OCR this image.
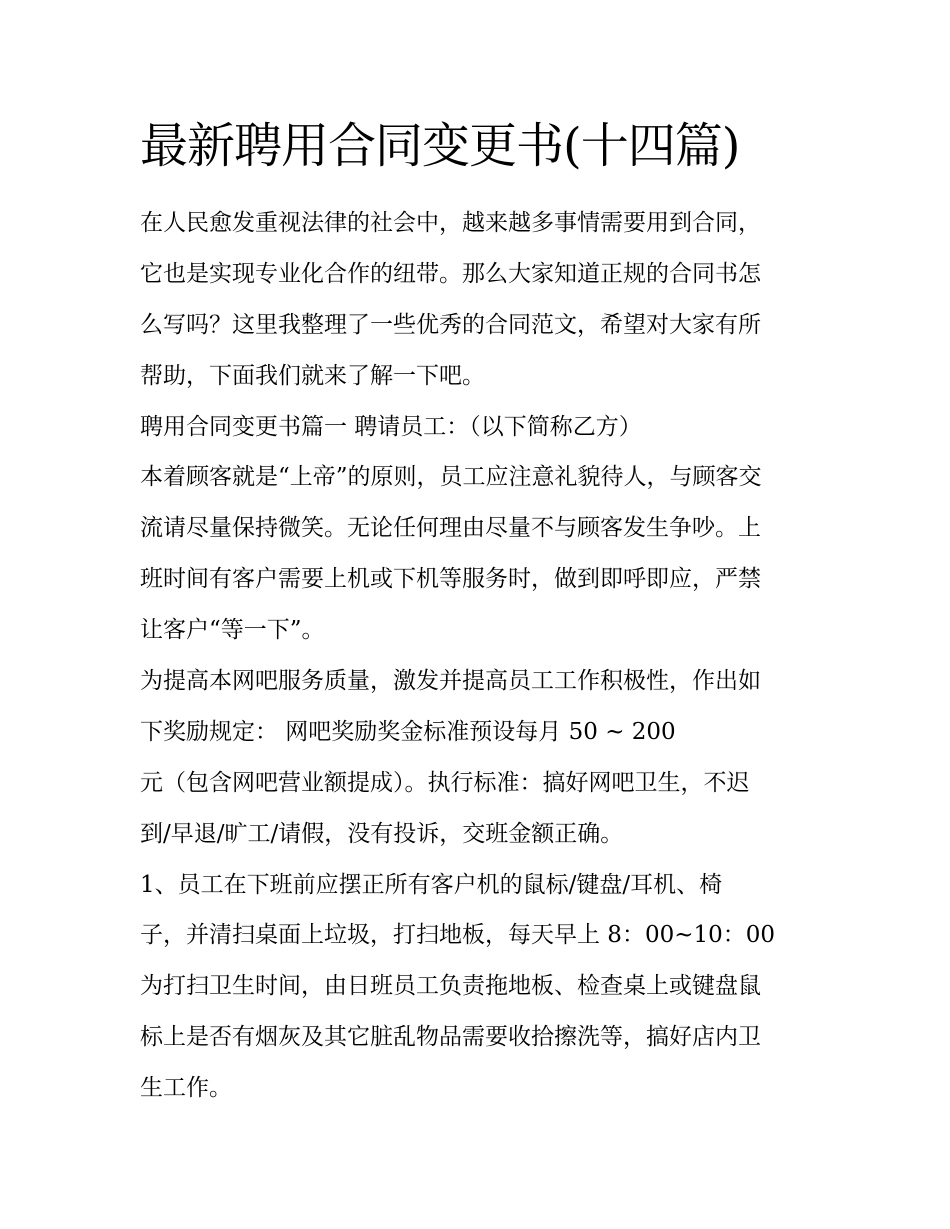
最新聘用合同变更书(十四篇)

在人民愈发重视法律的社会中，越来越多事情需要用到合同，

它也是实现专业化合作的纽带。那么大家知道正规的合同书怎

么写吗？这里我整理了一些优秀的合同范文，希望对大家有所

帮助，下面我们就来了解一下吧。

聘用合同变更书篇一 聘请员工：（以下简称乙方）

本着顾客就是“上帝”的原则，员工应注意礼貌待人，与顾客交

流请尽量保持微笑。无论任何理由尽量不与顾客发生争吵。上

班时间有客户需要上机或下机等服务时，做到即呼即应，严禁

让客户“等一下”。

为提高本网吧服务质量，激发并提高员工工作积极性，作出如

下奖励规定： 网吧奖励奖金标准预设每月 50 ~ 200

元（包含网吧营业额提成）。执行标准：搞好网吧卫生，不迟

到/早退/旷工/请假，没有投诉，交班金额正确。

1、员工在下班前应摆正所有客户机的鼠标/键盘/耳机、椅

子，并清扫桌面上垃圾，打扫地板，每天早上 8：00~10：00

为打扫卫生时间，由日班员工负责拖地板、检查桌上或键盘鼠

标上是否有烟灰及其它脏乱物品需要收拾擦洗等，搞好店内卫

生工作。
